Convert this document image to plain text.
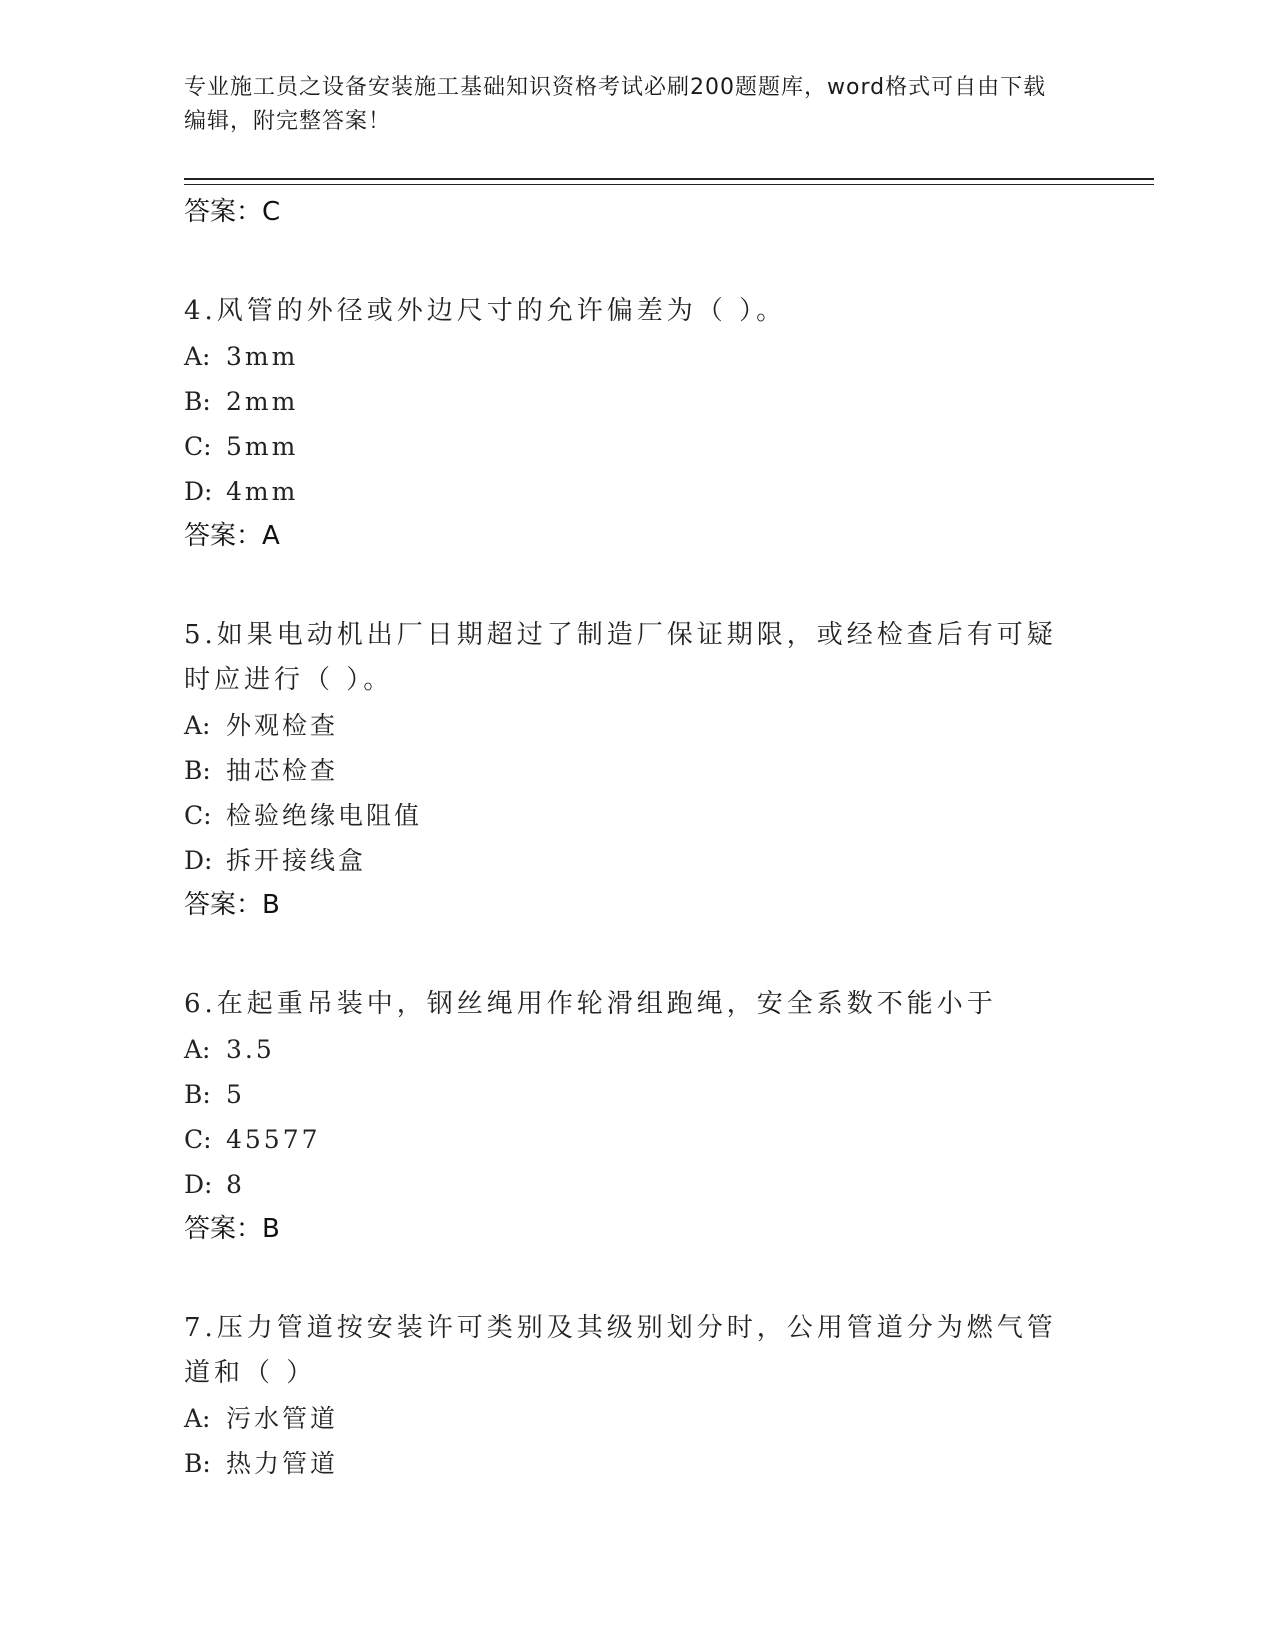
专业施工员之设备安装施工基础知识资格考试必刷200题题库，word格式可自由下载编辑，附完整答案！
答案：C
4.风管的外径或外边尺寸的允许偏差为（ ）。
A: 3mm
B: 2mm
C: 5mm
D: 4mm
答案：A
5.如果电动机出厂日期超过了制造厂保证期限，或经检查后有可疑时应进行（ ）。
A: 外观检查
B: 抽芯检查
C: 检验绝缘电阻值
D: 拆开接线盒
答案：B
6.在起重吊装中，钢丝绳用作轮滑组跑绳，安全系数不能小于
A: 3.5
B: 5
C: 45577
D: 8
答案：B
7.压力管道按安装许可类别及其级别划分时，公用管道分为燃气管道和（ ）
A: 污水管道
B: 热力管道
